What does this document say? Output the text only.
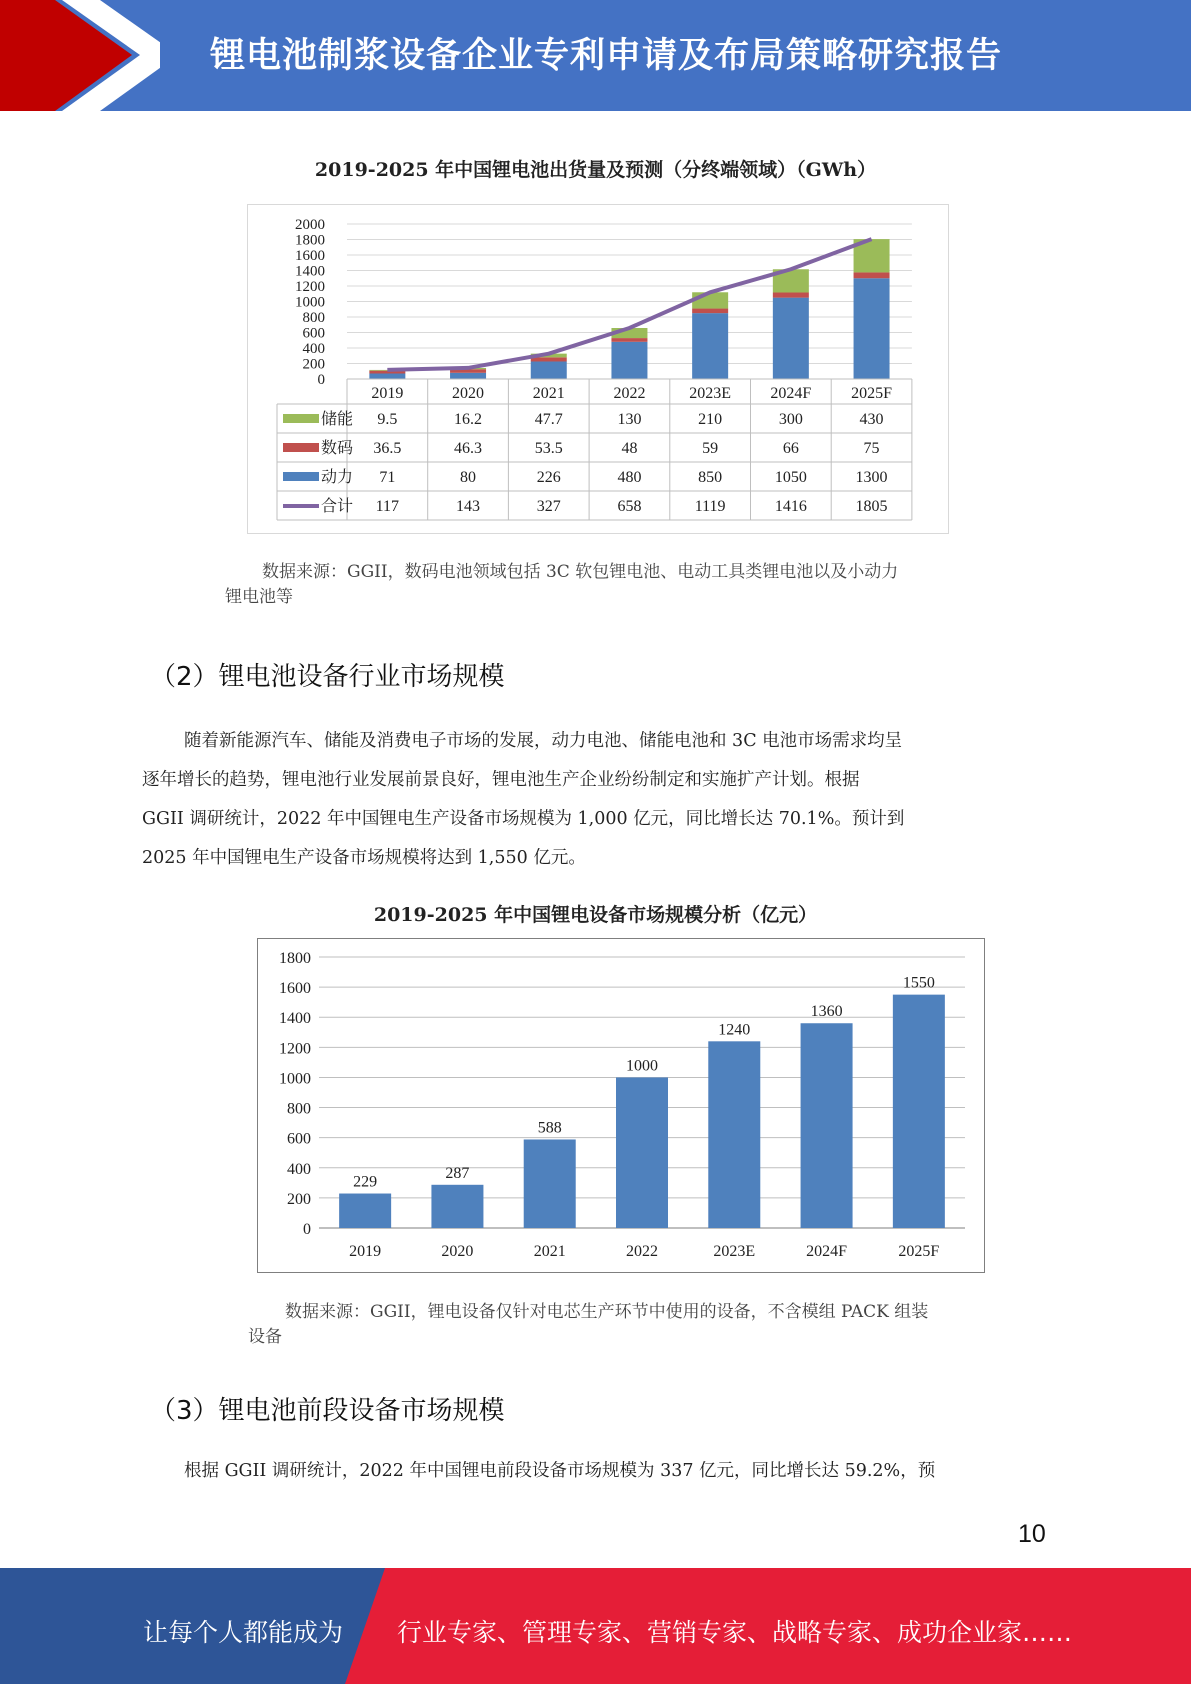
锂电池制浆设备企业专利申请及布局策略研究报告
2019-2025 年中国锂电池出货量及预测（分终端领域）（GWh）
0
200
400
600
800
1000
1200
1400
1600
1800
2000
2019	2020	2021	2022	2023E 2024F 2025F
储能 9.5	16.2	47.7	130	210	300	430
数码 36.5	46.3	53.5	48	59	66	75
动力 71	80	226	480	850	1050	1300
合计 117	143	327	658	1119	1416	1805
数据来源：GGII，数码电池领域包括 3C 软包锂电池、电动工具类锂电池以及小动力
锂电池等
（2）锂电池设备行业市场规模

随着新能源汽车、储能及消费电子市场的发展，动力电池、储能电池和 3C 电池市场需求均呈

逐年增长的趋势，锂电池行业发展前景良好，锂电池生产企业纷纷制定和实施扩产计划。根据

GGII 调研统计，2022 年中国锂电生产设备市场规模为 1,000 亿元，同比增长达 70.1%。预计到

2025 年中国锂电生产设备市场规模将达到 1,550 亿元。

2019-2025 年中国锂电设备市场规模分析（亿元）
0
200
400
600
800
1000
1200
1400
1600
1800
229
287
588
1000
1240
1360
1550
2019	2020	2021	2022	2023E	2024F	2025F
数据来源：GGII，锂电设备仅针对电芯生产环节中使用的设备，不含模组 PACK 组装
设备
（3）锂电池前段设备市场规模

根据 GGII 调研统计，2022 年中国锂电前段设备市场规模为 337 亿元，同比增长达 59.2%，预

10
让每个人都能成为 行业专家、管理专家、营销专家、战略专家、成功企业家……
